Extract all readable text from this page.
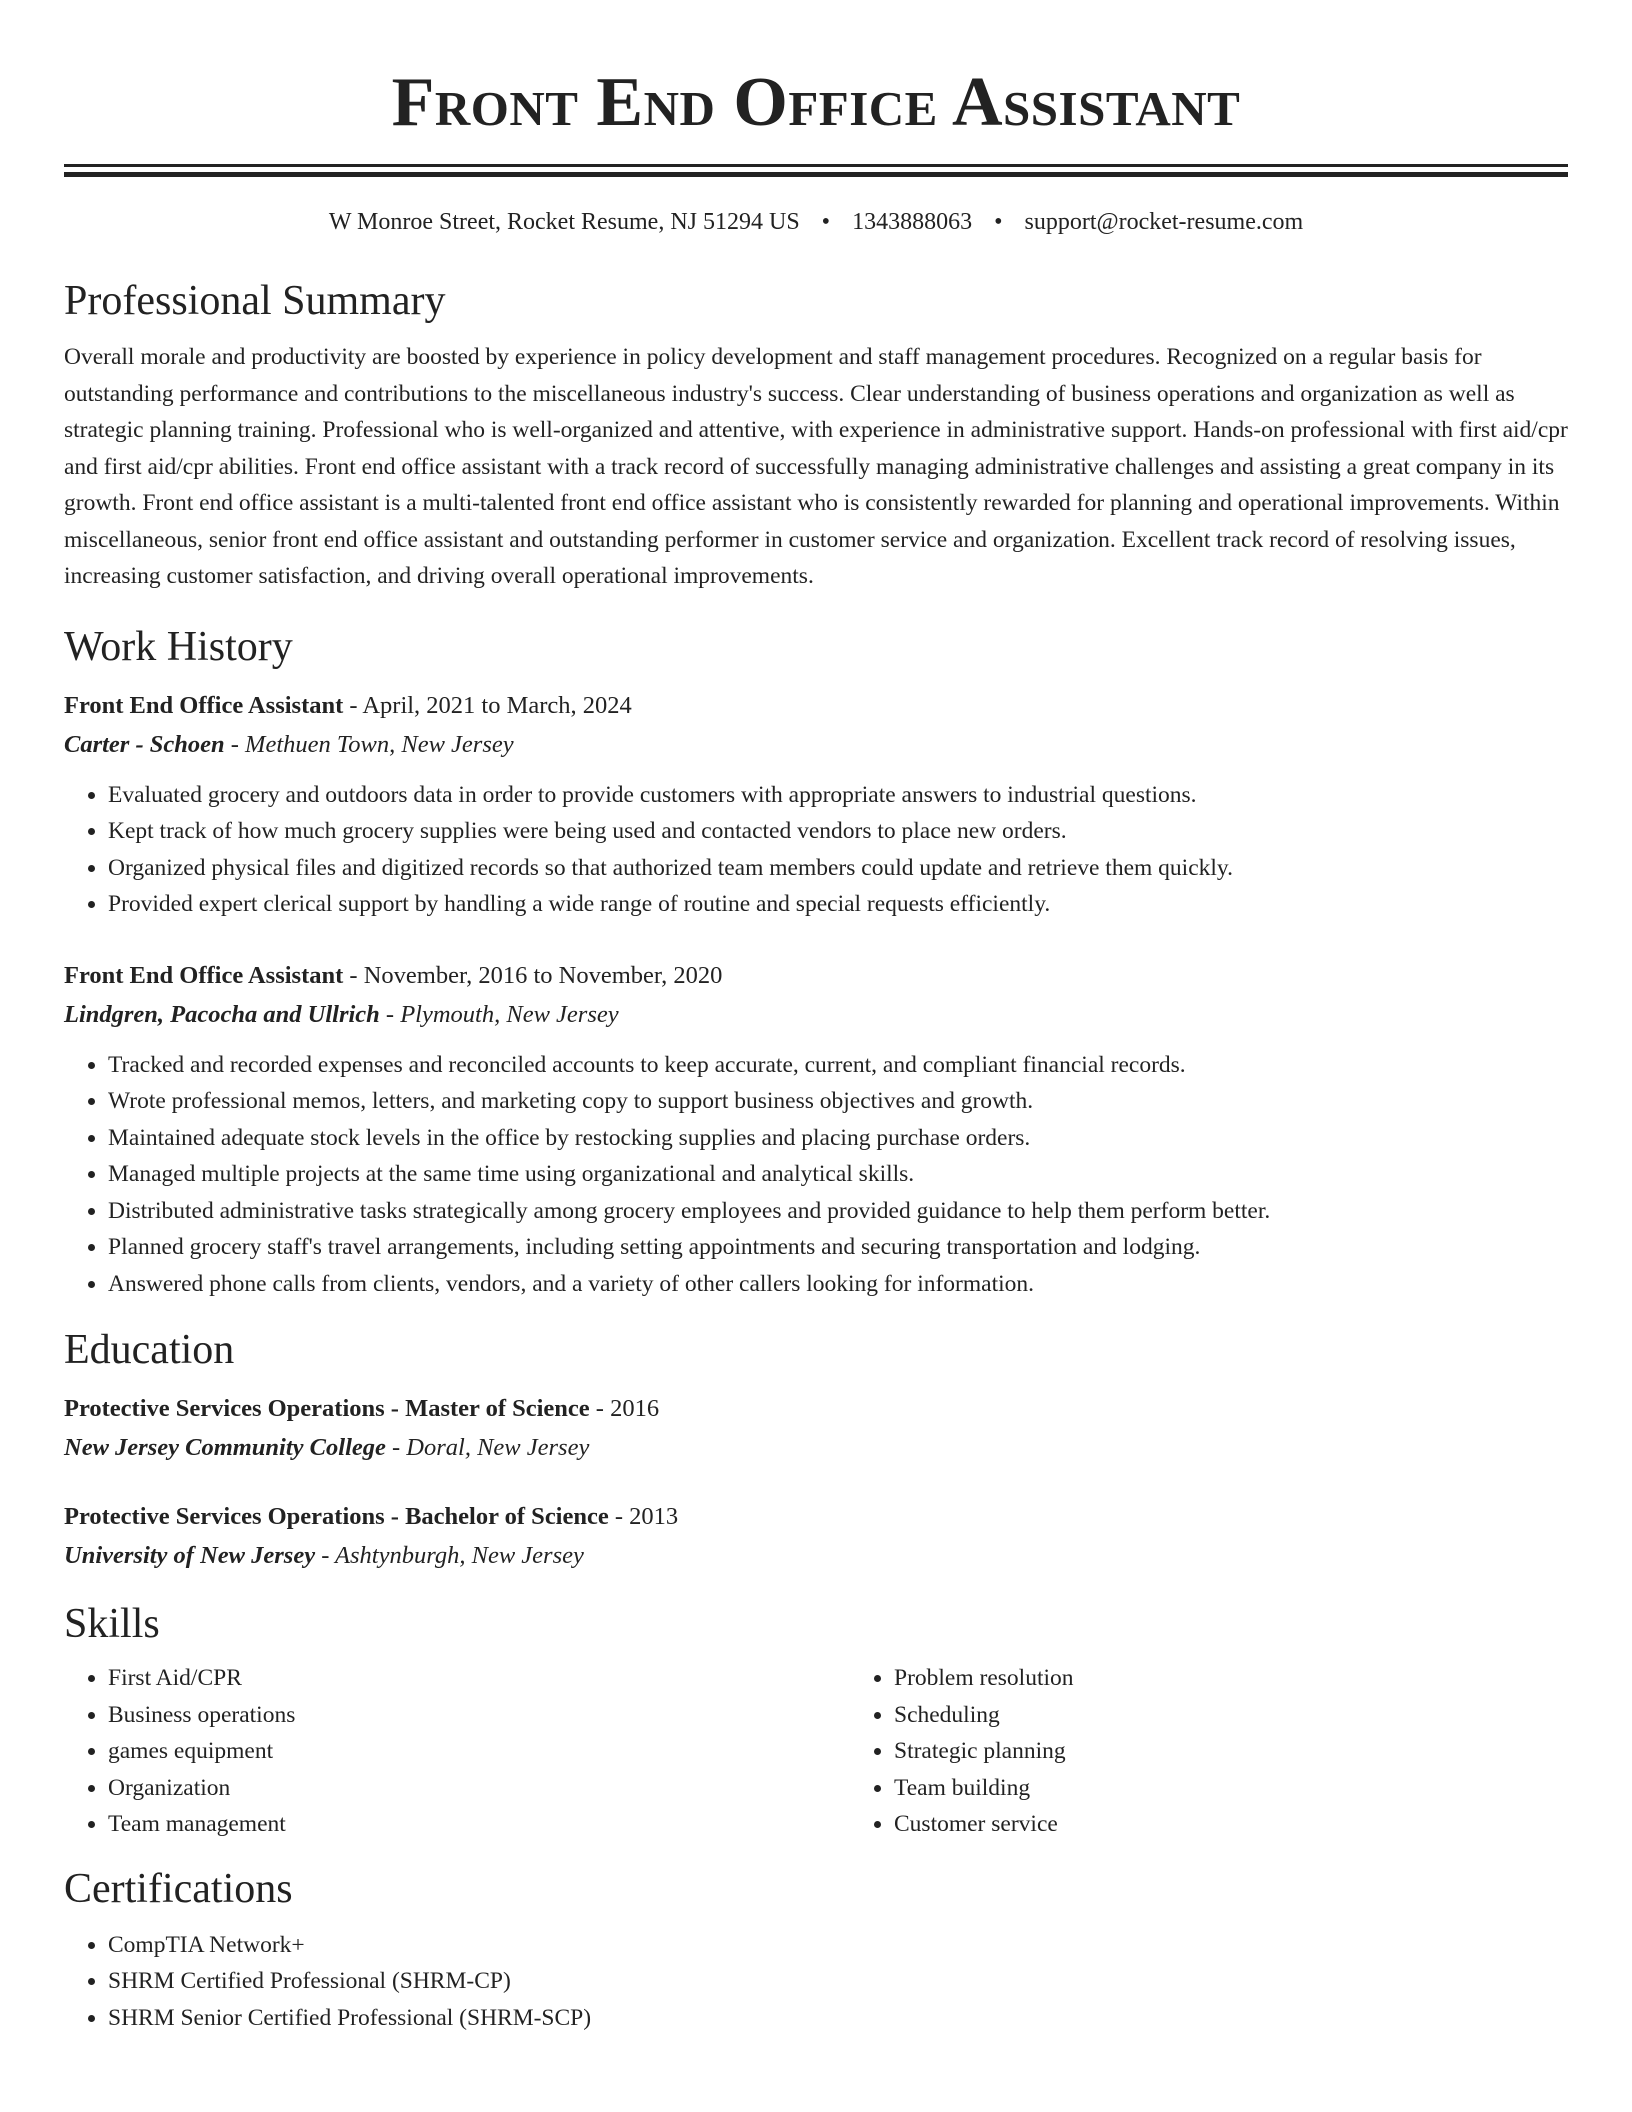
Front End Office Assistant
W Monroe Street, Rocket Resume, NJ 51294 US • 1343888063 • support@rocket-resume.com
Professional Summary

Overall morale and productivity are boosted by experience in policy development and staff management procedures. Recognized on a regular basis for outstanding performance and contributions to the miscellaneous industry's success. Clear understanding of business operations and organization as well as strategic planning training. Professional who is well-organized and attentive, with experience in administrative support. Hands-on professional with first aid/cpr and first aid/cpr abilities. Front end office assistant with a track record of successfully managing administrative challenges and assisting a great company in its growth. Front end office assistant is a multi-talented front end office assistant who is consistently rewarded for planning and operational improvements. Within miscellaneous, senior front end office assistant and outstanding performer in customer service and organization. Excellent track record of resolving issues, increasing customer satisfaction, and driving overall operational improvements.

Work History
Front End Office Assistant - April, 2021 to March, 2024
Carter - Schoen - Methuen Town, New Jersey
• Evaluated grocery and outdoors data in order to provide customers with appropriate answers to industrial questions.
• Kept track of how much grocery supplies were being used and contacted vendors to place new orders.
• Organized physical files and digitized records so that authorized team members could update and retrieve them quickly.
• Provided expert clerical support by handling a wide range of routine and special requests efficiently.
Front End Office Assistant - November, 2016 to November, 2020
Lindgren, Pacocha and Ullrich - Plymouth, New Jersey
• Tracked and recorded expenses and reconciled accounts to keep accurate, current, and compliant financial records.
• Wrote professional memos, letters, and marketing copy to support business objectives and growth.
• Maintained adequate stock levels in the office by restocking supplies and placing purchase orders.
• Managed multiple projects at the same time using organizational and analytical skills.
• Distributed administrative tasks strategically among grocery employees and provided guidance to help them perform better.
• Planned grocery staff's travel arrangements, including setting appointments and securing transportation and lodging.
• Answered phone calls from clients, vendors, and a variety of other callers looking for information.
Education
Protective Services Operations - Master of Science - 2016
New Jersey Community College - Doral, New Jersey
Protective Services Operations - Bachelor of Science - 2013
University of New Jersey - Ashtynburgh, New Jersey
Skills
• First Aid/CPR
• Business operations
• games equipment
• Organization
• Team management
• Problem resolution
• Scheduling
• Strategic planning
• Team building
• Customer service
Certifications
• CompTIA Network+
• SHRM Certified Professional (SHRM-CP)
• SHRM Senior Certified Professional (SHRM-SCP)
